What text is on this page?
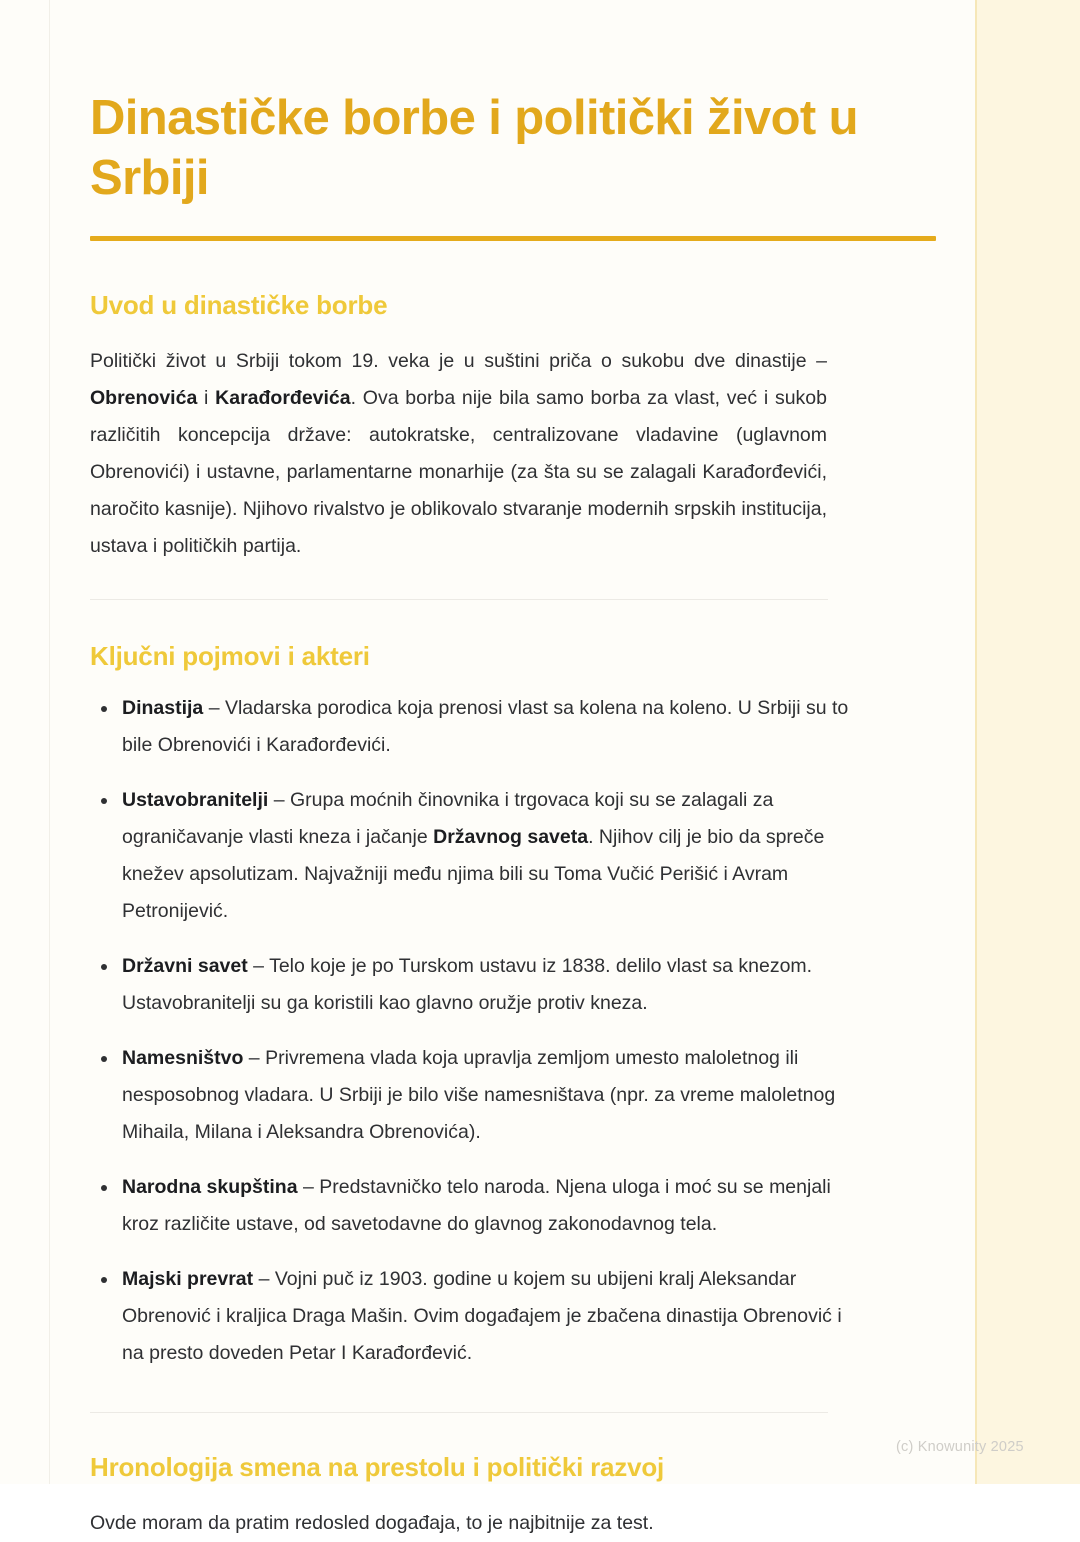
Dinastičke borbe i politički život u Srbiji
Uvod u dinastičke borbe

Politički život u Srbiji tokom 19. veka je u suštini priča o sukobu dve dinastije – Obrenovića i Karađorđevića. Ova borba nije bila samo borba za vlast, već i sukob različitih koncepcija države: autokratske, centralizovane vladavine (uglavnom Obrenovići) i ustavne, parlamentarne monarhije (za šta su se zalagali Karađorđevići, naročito kasnije). Njihovo rivalstvo je oblikovalo stvaranje modernih srpskih institucija, ustava i političkih partija.

Ključni pojmovi i akteri
Dinastija – Vladarska porodica koja prenosi vlast sa kolena na koleno. U Srbiji su to bile Obrenovići i Karađorđevići.
Ustavobranitelji – Grupa moćnih činovnika i trgovaca koji su se zalagali za ograničavanje vlasti kneza i jačanje Državnog saveta. Njihov cilj je bio da spreče knežev apsolutizam. Najvažniji među njima bili su Toma Vučić Perišić i Avram Petronijević.
Državni savet – Telo koje je po Turskom ustavu iz 1838. delilo vlast sa knezom. Ustavobranitelji su ga koristili kao glavno oružje protiv kneza.
Namesništvo – Privremena vlada koja upravlja zemljom umesto maloletnog ili nesposobnog vladara. U Srbiji je bilo više namesništava (npr. za vreme maloletnog Mihaila, Milana i Aleksandra Obrenovića).
Narodna skupština – Predstavničko telo naroda. Njena uloga i moć su se menjali kroz različite ustave, od savetodavne do glavnog zakonodavnog tela.
Majski prevrat – Vojni puč iz 1903. godine u kojem su ubijeni kralj Aleksandar Obrenović i kraljica Draga Mašin. Ovim događajem je zbačena dinastija Obrenović i na presto doveden Petar I Karađorđević.
Hronologija smena na prestolu i politički razvoj

Ovde moram da pratim redosled događaja, to je najbitnije za test.

(c) Knowunity 2025
